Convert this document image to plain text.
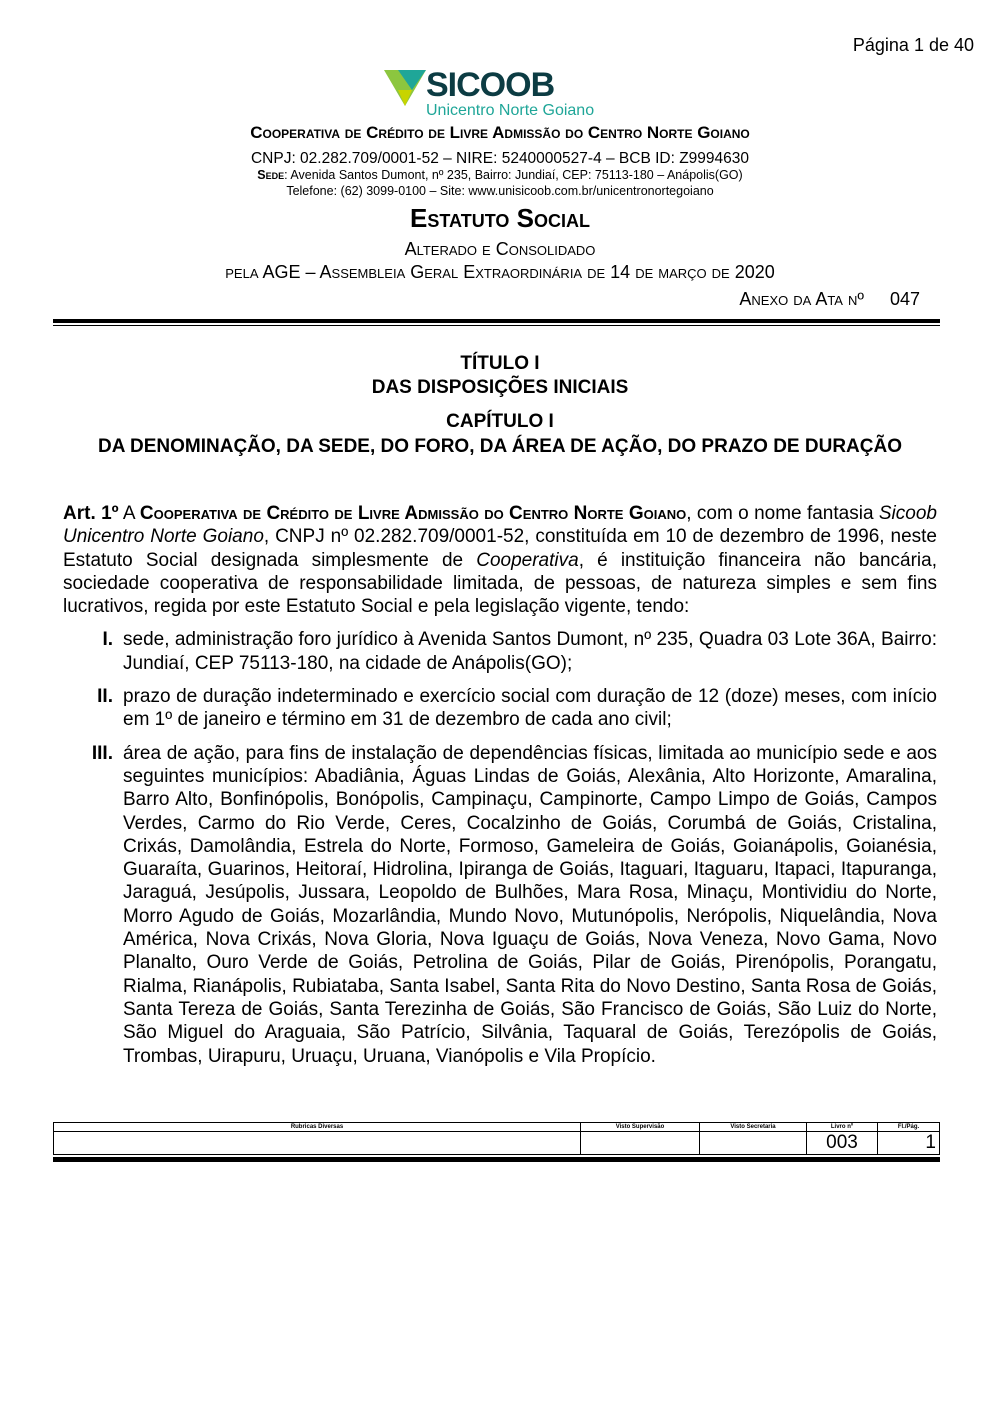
Página 1 de 40
SICOOB
Unicentro Norte Goiano
Cooperativa de Crédito de Livre Admissão do Centro Norte Goiano
CNPJ: 02.282.709/0001-52 – NIRE: 5240000527-4 – BCB ID: Z9994630
Sede: Avenida Santos Dumont, nº 235, Bairro: Jundiaí, CEP: 75113-180 – Anápolis(GO)
Telefone: (62) 3099-0100 – Site: www.unisicoob.com.br/unicentronortegoiano
Estatuto Social
Alterado e Consolidado
pela AGE – Assembleia Geral Extraordinária de 14 de março de 2020
Anexo da Ata nº 047
TÍTULO I
DAS DISPOSIÇÕES INICIAIS
CAPÍTULO I
DA DENOMINAÇÃO, DA SEDE, DO FORO, DA ÁREA DE AÇÃO, DO PRAZO DE DURAÇÃO

Art. 1º A Cooperativa de Crédito de Livre Admissão do Centro Norte Goiano, com o nome fantasia Sicoob Unicentro Norte Goiano, CNPJ nº 02.282.709/0001-52, constituída em 10 de dezembro de 1996, neste Estatuto Social designada simplesmente de Cooperativa, é instituição financeira não bancária, sociedade cooperativa de responsabilidade limitada, de pessoas, de natureza simples e sem fins lucrativos, regida por este Estatuto Social e pela legislação vigente, tendo:

I. sede, administração foro jurídico à Avenida Santos Dumont, nº 235, Quadra 03 Lote 36A, Bairro: Jundiaí, CEP 75113-180, na cidade de Anápolis(GO);
II. prazo de duração indeterminado e exercício social com duração de 12 (doze) meses, com início em 1º de janeiro e término em 31 de dezembro de cada ano civil;
III. área de ação, para fins de instalação de dependências físicas, limitada ao município sede e aos seguintes municípios: Abadiânia, Águas Lindas de Goiás, Alexânia, Alto Horizonte, Amaralina, Barro Alto, Bonfinópolis, Bonópolis, Campinaçu, Campinorte, Campo Limpo de Goiás, Campos Verdes, Carmo do Rio Verde, Ceres, Cocalzinho de Goiás, Corumbá de Goiás, Cristalina, Crixás, Damolândia, Estrela do Norte, Formoso, Gameleira de Goiás, Goianápolis, Goianésia, Guaraíta, Guarinos, Heitoraí, Hidrolina, Ipiranga de Goiás, Itaguari, Itaguaru, Itapaci, Itapuranga, Jaraguá, Jesúpolis, Jussara, Leopoldo de Bulhões, Mara Rosa, Minaçu, Montividiu do Norte, Morro Agudo de Goiás, Mozarlândia, Mundo Novo, Mutunópolis, Nerópolis, Niquelândia, Nova América, Nova Crixás, Nova Gloria, Nova Iguaçu de Goiás, Nova Veneza, Novo Gama, Novo Planalto, Ouro Verde de Goiás, Petrolina de Goiás, Pilar de Goiás, Pirenópolis, Porangatu, Rialma, Rianápolis, Rubiataba, Santa Isabel, Santa Rita do Novo Destino, Santa Rosa de Goiás, Santa Tereza de Goiás, Santa Terezinha de Goiás, São Francisco de Goiás, São Luiz do Norte, São Miguel do Araguaia, São Patrício, Silvânia, Taquaral de Goiás, Terezópolis de Goiás, Trombas, Uirapuru, Uruaçu, Uruana, Vianópolis e Vila Propício.
Rubricas Diversas	Visto Supervisão	Visto Secretaria	Livro nº	Fl./Pág.
			003	1
